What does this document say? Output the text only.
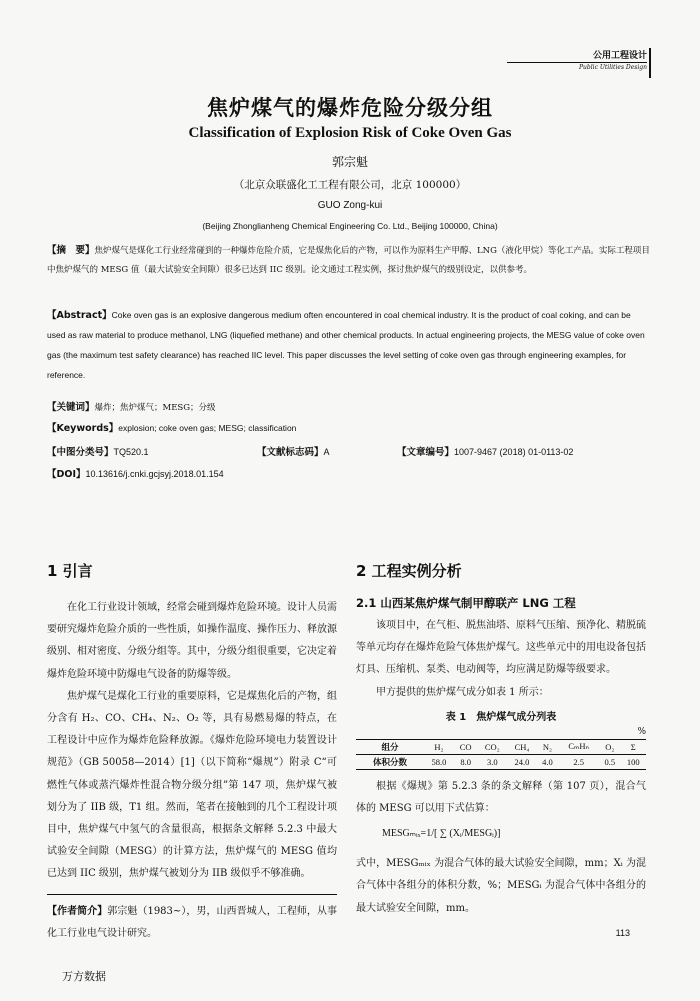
公用工程设计
Public Utilities Design
焦炉煤气的爆炸危险分级分组
Classification of Explosion Risk of Coke Oven Gas
郭宗魁
（北京众联盛化工工程有限公司，北京 100000）
GUO Zong-kui
(Beijing Zhonglianheng Chemical Engineering Co. Ltd., Beijing 100000, China)
【摘　要】焦炉煤气是煤化工行业经常碰到的一种爆炸危险介质，它是煤焦化后的产物，可以作为原料生产甲醇、LNG（液化甲烷）等化工产品。实际工程项目中焦炉煤气的 MESG 值（最大试验安全间隙）很多已达到 IIC 级别。论文通过工程实例，探讨焦炉煤气的级别设定，以供参考。
【Abstract】Coke oven gas is an explosive dangerous medium often encountered in coal chemical industry. It is the product of coal coking, and can be used as raw material to produce methanol, LNG (liquefied methane) and other chemical products. In actual engineering projects, the MESG value of coke oven gas (the maximum test safety clearance) has reached IIC level. This paper discusses the level setting of coke oven gas through engineering examples, for reference.
【关键词】爆炸；焦炉煤气；MESG；分级
【Keywords】explosion; coke oven gas; MESG; classification
【中图分类号】TQ520.1	【文献标志码】A	【文章编号】1007-9467 (2018) 01-0113-02
【DOI】10.13616/j.cnki.gcjsyj.2018.01.154
1 引言

在化工行业设计领域，经常会碰到爆炸危险环境。设计人员需要研究爆炸危险介质的一些性质，如操作温度、操作压力、释放源级别、相对密度、分级分组等。其中，分级分组很重要，它决定着爆炸危险环境中防爆电气设备的防爆等级。

焦炉煤气是煤化工行业的重要原料，它是煤焦化后的产物，组分含有 H₂、CO、CH₄、N₂、O₂ 等，具有易燃易爆的特点，在工程设计中应作为爆炸危险释放源。《爆炸危险环境电力装置设计规范》（GB 50058—2014）[1]（以下简称“爆规”）附录 C“可燃性气体或蒸汽爆炸性混合物分级分组”第 147 项，焦炉煤气被划分为了 IIB 级，T1 组。然而，笔者在接触到的几个工程设计项目中，焦炉煤气中氢气的含量很高，根据条文解释 5.2.3 中最大试验安全间隙（MESG）的计算方法，焦炉煤气的 MESG 值均已达到 IIC 级别，焦炉煤气被划分为 IIB 级似乎不够准确。

【作者简介】郭宗魁（1983~），男，山西晋城人，工程师，从事化工行业电气设计研究。

2 工程实例分析
2.1 山西某焦炉煤气制甲醇联产 LNG 工程

该项目中，在气柜、脱焦油塔、原料气压缩、预净化、精脱硫等单元均存在爆炸危险气体焦炉煤气。这些单元中的用电设备包括灯具、压缩机、泵类、电动阀等，均应满足防爆等级要求。

甲方提供的焦炉煤气成分如表 1 所示：

表 1　焦炉煤气成分列表
%
组分	H₂	CO	CO₂	CH₄	N₂	CₘHₙ	O₂	Σ
体积分数	58.0	8.0	3.0	24.0	4.0	2.5	0.5	100

根据《爆规》第 5.2.3 条的条文解释（第 107 页），混合气体的 MESG 可以用下式估算：

MESGₘᵢₓ=1/[ ∑ (Xᵢ/MESGᵢ)]

式中，MESGₘᵢₓ 为混合气体的最大试验安全间隙，mm；Xᵢ 为混合气体中各组分的体积分数，%；MESGᵢ 为混合气体中各组分的最大试验安全间隙，mm。

113
万方数据
